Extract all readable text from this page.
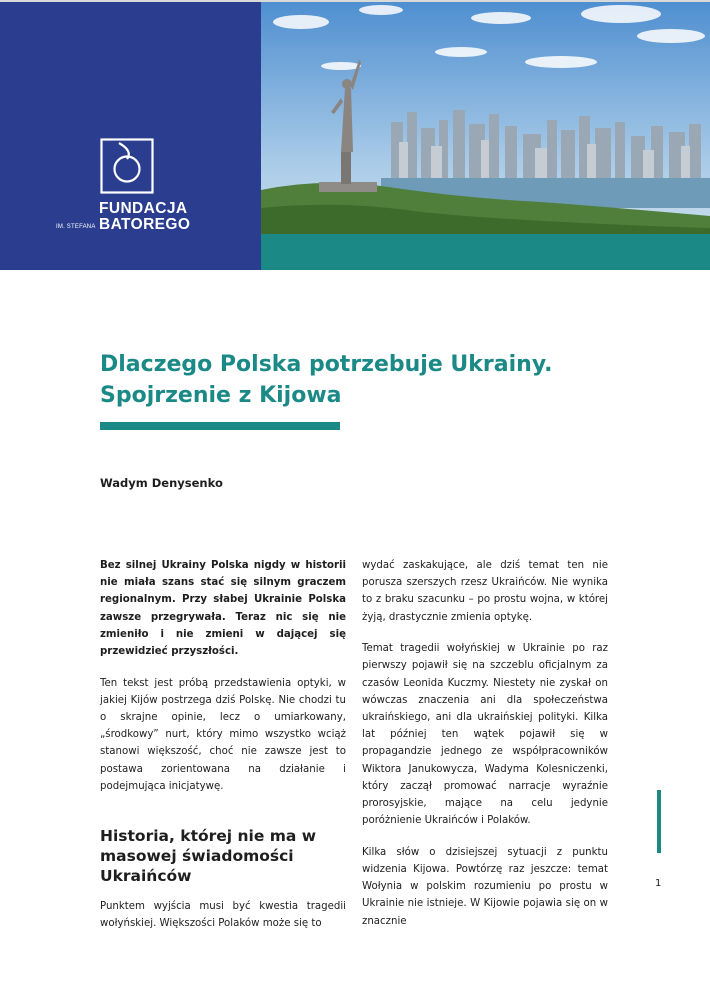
IM. STEFANA
FUNDACJA
BATOREGO
Dlaczego Polska potrzebuje Ukrainy.
Spojrzenie z Kijowa
Wadym Denysenko

Bez silnej Ukrainy Polska nigdy w historii nie miała szans stać się silnym graczem regionalnym. Przy słabej Ukrainie Polska zawsze przegrywała. Teraz nic się nie zmieniło i nie zmieni w dającej się przewidzieć przyszłości.

Ten tekst jest próbą przedstawienia optyki, w jakiej Kijów postrzega dziś Polskę. Nie chodzi tu o skrajne opinie, lecz o umiarkowany, „środkowy” nurt, który mimo wszystko wciąż stanowi większość, choć nie zawsze jest to postawa zorientowana na działanie i podejmująca inicjatywę.

Historia, której nie ma w masowej świadomości Ukraińców

Punktem wyjścia musi być kwestia tragedii wołyńskiej. Większości Polaków może się to

wydać zaskakujące, ale dziś temat ten nie porusza szerszych rzesz Ukraińców. Nie wynika to z braku szacunku – po prostu wojna, w której żyją, drastycznie zmienia optykę.

Temat tragedii wołyńskiej w Ukrainie po raz pierwszy pojawił się na szczeblu oficjalnym za czasów Leonida Kuczmy. Niestety nie zyskał on wówczas znaczenia ani dla społeczeństwa ukraińskiego, ani dla ukraińskiej polityki. Kilka lat później ten wątek pojawił się w propagandzie jednego ze współpracowników Wiktora Janukowycza, Wadyma Kolesniczenki, który zaczął promować narracje wyraźnie prorosyjskie, mające na celu jedynie poróżnienie Ukraińców i Polaków.

Kilka słów o dzisiejszej sytuacji z punktu widzenia Kijowa. Powtórzę raz jeszcze: temat Wołynia w polskim rozumieniu po prostu w Ukrainie nie istnieje. W Kijowie pojawia się on w znacznie

1
